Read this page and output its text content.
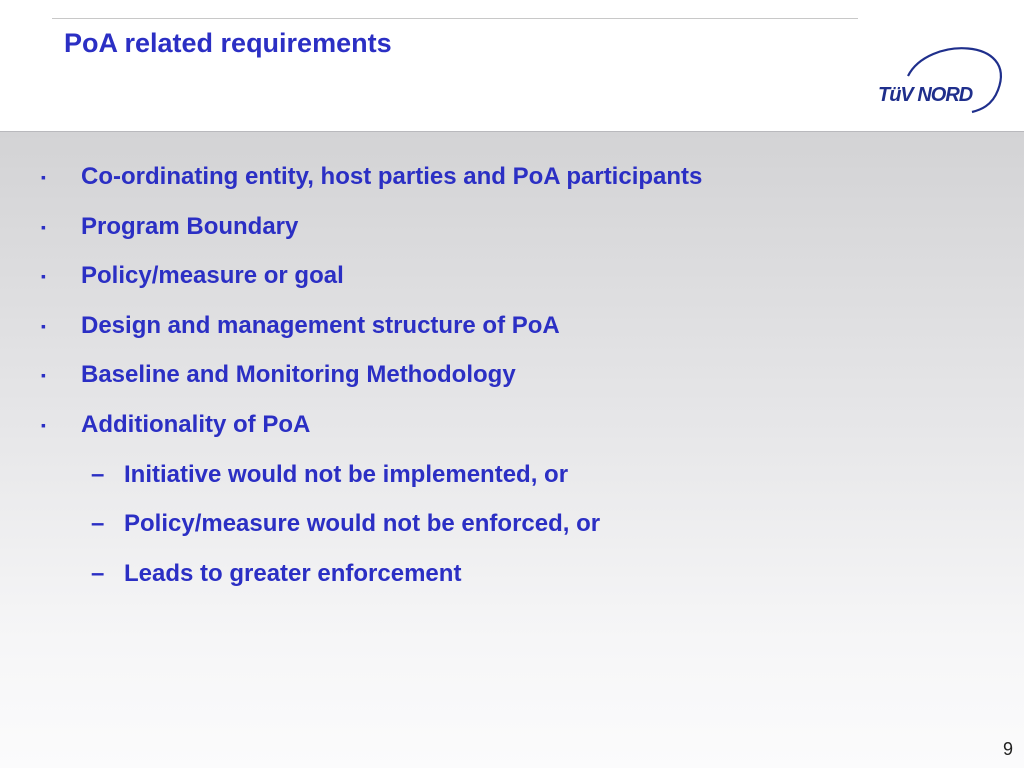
PoA related requirements
TüV NORD
▪ Co-ordinating entity, host parties and PoA participants
▪ Program Boundary
▪ Policy/measure or goal
▪ Design and management structure of PoA
▪ Baseline and Monitoring Methodology
▪ Additionality of PoA
– Initiative would not be implemented, or
– Policy/measure would not be enforced, or
– Leads to greater enforcement
9
